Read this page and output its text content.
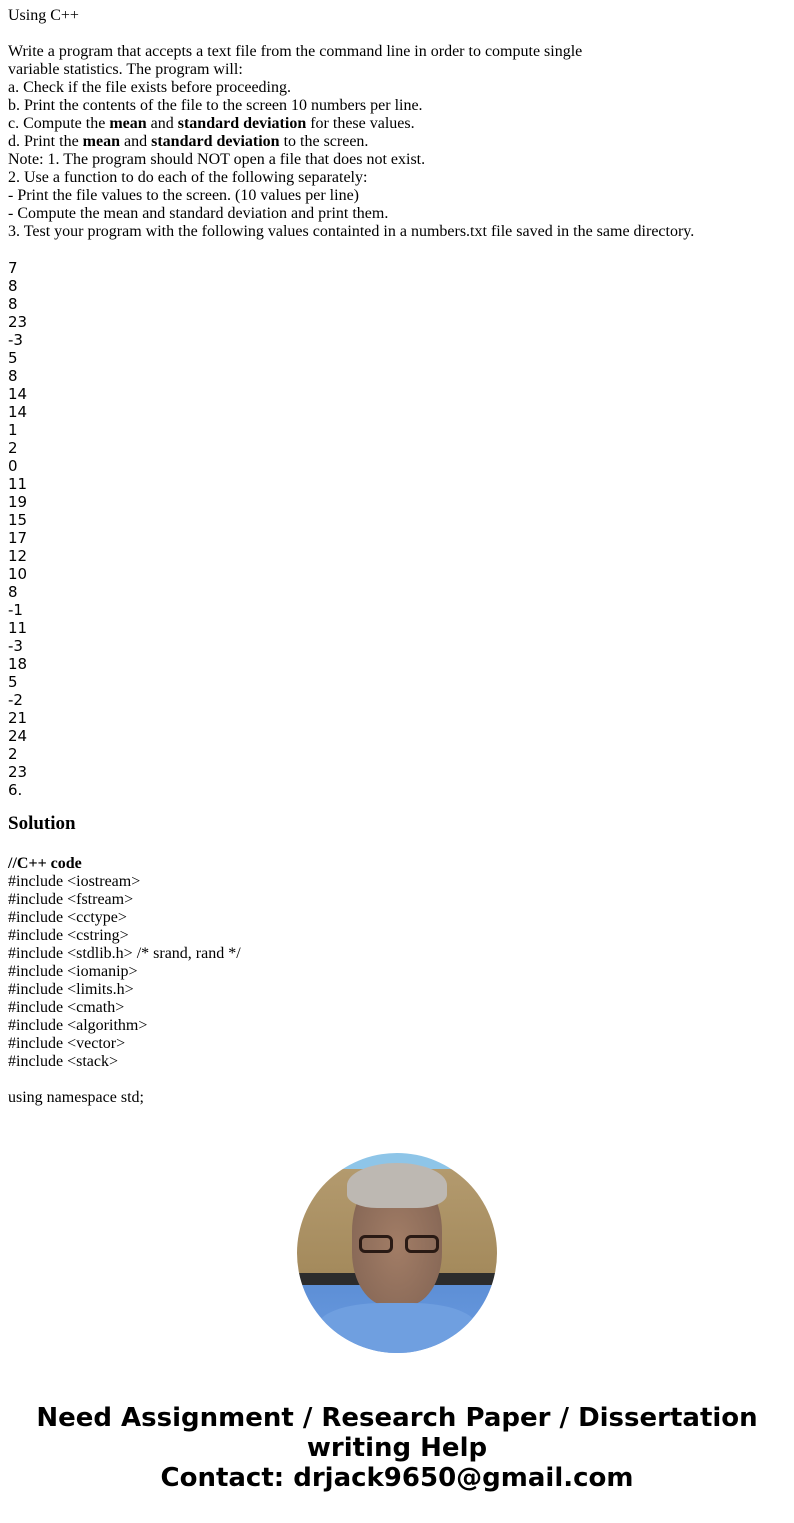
Using C++
Write a program that accepts a text file from the command line in order to compute single
variable statistics. The program will:
a. Check if the file exists before proceeding.
b. Print the contents of the file to the screen 10 numbers per line.
c. Compute the mean and standard deviation for these values.
d. Print the mean and standard deviation to the screen.
Note: 1. The program should NOT open a file that does not exist.
2. Use a function to do each of the following separately:
- Print the file values to the screen. (10 values per line)
- Compute the mean and standard deviation and print them.
3. Test your program with the following values containted in a numbers.txt file saved in the same directory.
7
8
8
23
-3
5
8
14
14
1
2
0
11
19
15
17
12
10
8
-1
11
-3
18
5
-2
21
24
2
23
6.
Solution
//C++ code
#include <iostream>
#include <fstream>
#include <cctype>
#include <cstring>
#include <stdlib.h> /* srand, rand */
#include <iomanip>
#include <limits.h>
#include <cmath>
#include <algorithm>
#include <vector>
#include <stack>
using namespace std;
Need Assignment / Research Paper / Dissertation
writing Help
Contact: drjack9650@gmail.com
